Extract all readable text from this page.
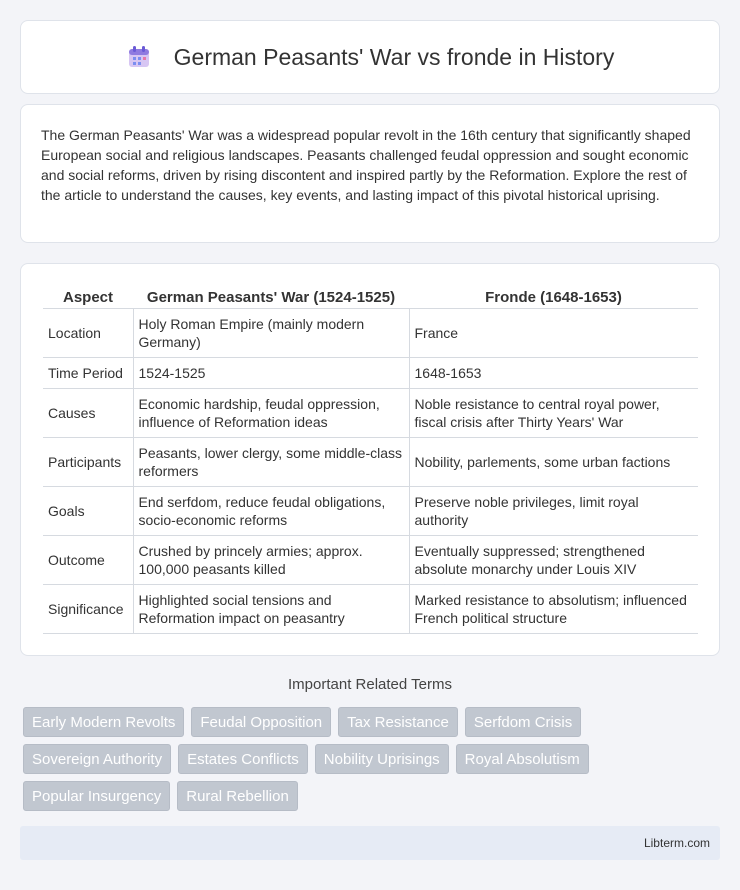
German Peasants' War vs fronde in History

The German Peasants' War was a widespread popular revolt in the 16th century that significantly shaped European social and religious landscapes. Peasants challenged feudal oppression and sought economic and social reforms, driven by rising discontent and inspired partly by the Reformation. Explore the rest of the article to understand the causes, key events, and lasting impact of this pivotal historical uprising.

Aspect	German Peasants' War (1524-1525)	Fronde (1648-1653)
Location	Holy Roman Empire (mainly modern Germany)	France
Time Period	1524-1525	1648-1653
Causes	Economic hardship, feudal oppression, influence of Reformation ideas	Noble resistance to central royal power, fiscal crisis after Thirty Years' War
Participants	Peasants, lower clergy, some middle-class reformers	Nobility, parlements, some urban factions
Goals	End serfdom, reduce feudal obligations, socio-economic reforms	Preserve noble privileges, limit royal authority
Outcome	Crushed by princely armies; approx. 100,000 peasants killed	Eventually suppressed; strengthened absolute monarchy under Louis XIV
Significance	Highlighted social tensions and Reformation impact on peasantry	Marked resistance to absolutism; influenced French political structure
Important Related Terms
Early Modern Revolts	Feudal Opposition	Tax Resistance	Serfdom Crisis
Sovereign Authority	Estates Conflicts	Nobility Uprisings	Royal Absolutism
Popular Insurgency	Rural Rebellion
Libterm.com
